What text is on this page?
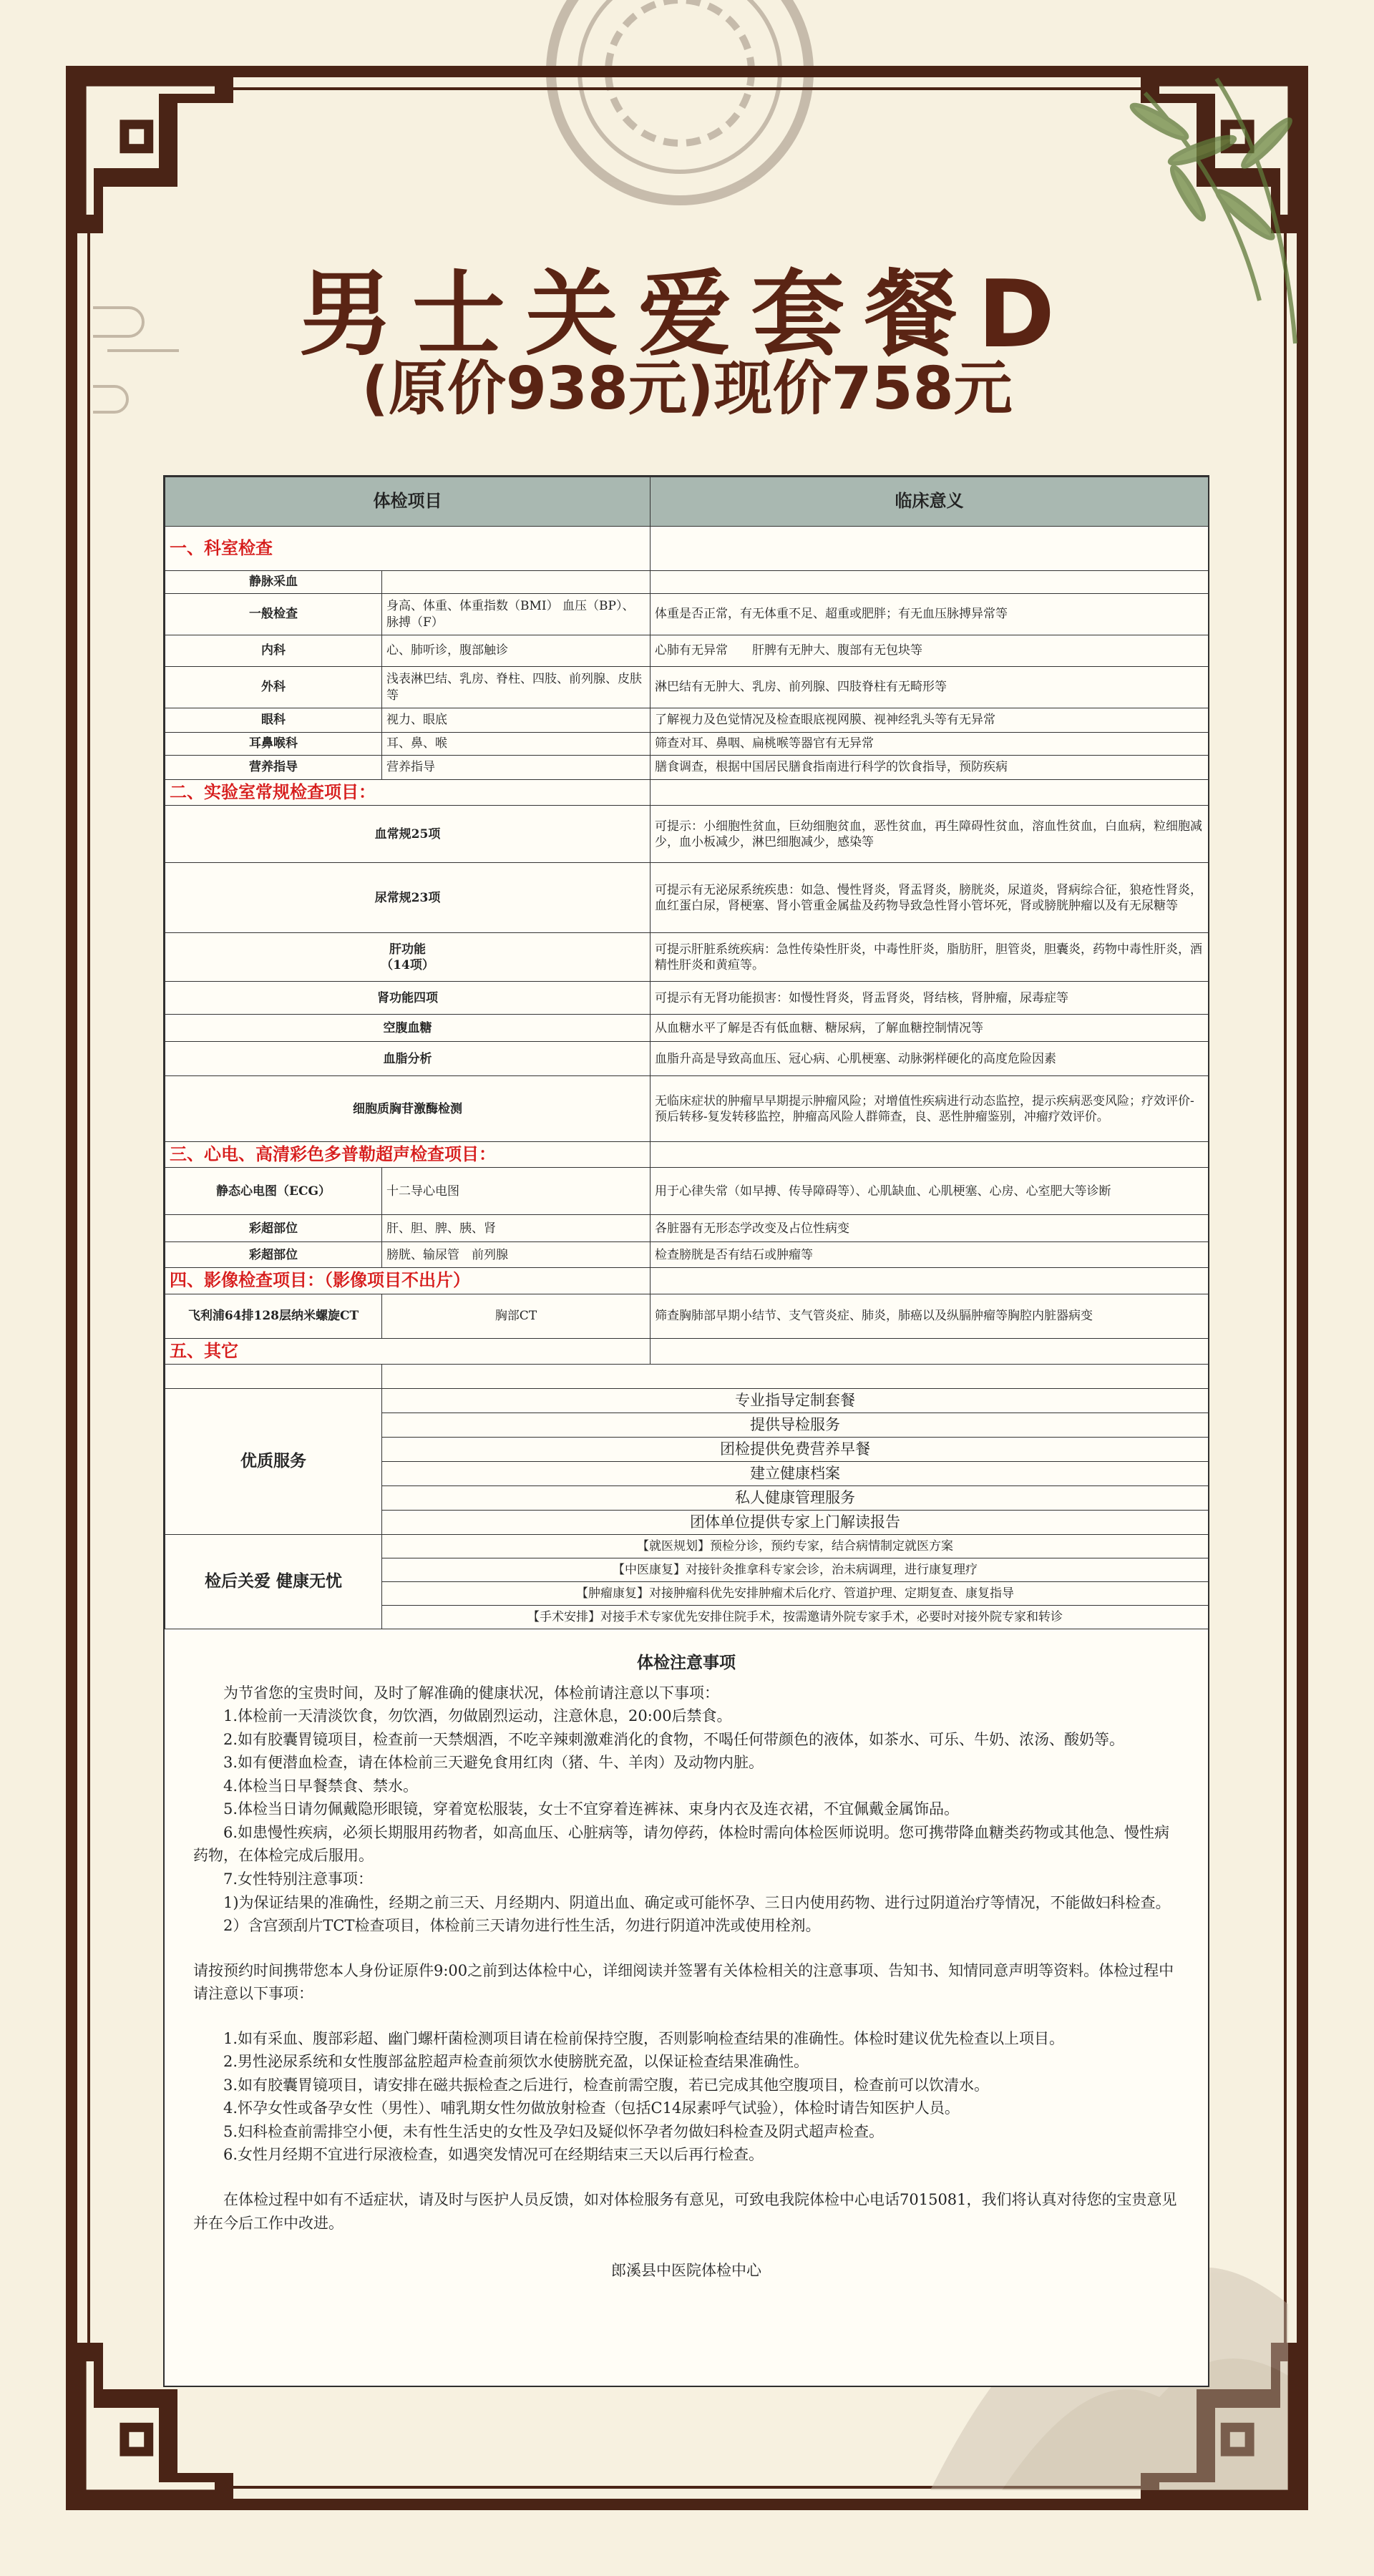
男士关爱套餐D
(原价938元)现价758元
体检项目		临床意义
一、科室检查		
静脉采血		
一般检查	身高、体重、体重指数（BMI） 血压（BP）、脉搏（F）	体重是否正常，有无体重不足、超重或肥胖；有无血压脉搏异常等
内科	心、肺听诊，腹部触诊	心肺有无异常　　肝脾有无肿大、腹部有无包块等
外科	浅表淋巴结、乳房、脊柱、四肢、前列腺、皮肤等	淋巴结有无肿大、乳房、前列腺、四肢脊柱有无畸形等
眼科	视力、眼底	了解视力及色觉情况及检查眼底视网膜、视神经乳头等有无异常
耳鼻喉科	耳、鼻、喉	筛查对耳、鼻咽、扁桃喉等器官有无异常
营养指导	营养指导	膳食调查，根据中国居民膳食指南进行科学的饮食指导，预防疾病
二、实验室常规检查项目：		
血常规25项		可提示：小细胞性贫血，巨幼细胞贫血，恶性贫血，再生障碍性贫血，溶血性贫血，白血病，粒细胞减少，血小板减少，淋巴细胞减少，感染等
尿常规23项		可提示有无泌尿系统疾患：如急、慢性肾炎，肾盂肾炎，膀胱炎，尿道炎，肾病综合征，狼疮性肾炎，血红蛋白尿，肾梗塞、肾小管重金属盐及药物导致急性肾小管坏死，肾或膀胱肿瘤以及有无尿糖等
肝功能
（14项）		可提示肝脏系统疾病：急性传染性肝炎，中毒性肝炎，脂肪肝，胆管炎，胆囊炎，药物中毒性肝炎，酒精性肝炎和黄疸等。
肾功能四项		可提示有无肾功能损害：如慢性肾炎，肾盂肾炎，肾结核，肾肿瘤，尿毒症等
空腹血糖		从血糖水平了解是否有低血糖、糖尿病，了解血糖控制情况等
血脂分析		血脂升高是导致高血压、冠心病、心肌梗塞、动脉粥样硬化的高度危险因素
细胞质胸苷激酶检测		无临床症状的肿瘤早早期提示肿瘤风险；对增值性疾病进行动态监控，提示疾病恶变风险；疗效评价-预后转移-复发转移监控，肿瘤高风险人群筛查，良、恶性肿瘤鉴别，冲瘤疗效评价。
三、心电、高清彩色多普勒超声检查项目：		
静态心电图（ECG）	十二导心电图	用于心律失常（如早搏、传导障碍等）、心肌缺血、心肌梗塞、心房、心室肥大等诊断
彩超部位	肝、胆、脾、胰、肾	各脏器有无形态学改变及占位性病变
彩超部位	膀胱、输尿管　前列腺	检查膀胱是否有结石或肿瘤等
四、影像检查项目：（影像项目不出片）		
飞利浦64排128层纳米螺旋CT	胸部CT	筛查胸肺部早期小结节、支气管炎症、肺炎，肺癌以及纵膈肿瘤等胸腔内脏器病变
五、其它		

优质服务	专业指导定制套餐	
	提供导检服务	
	团检提供免费营养早餐	
	建立健康档案	
	私人健康管理服务	
	团体单位提供专家上门解读报告	
检后关爱 健康无忧	【就医规划】预检分诊，预约专家，结合病情制定就医方案	
	【中医康复】对接针灸推拿科专家会诊，治未病调理，进行康复理疗	
	【肿瘤康复】对接肿瘤科优先安排肿瘤术后化疗、管道护理、定期复查、康复指导	
	【手术安排】对接手术专家优先安排住院手术，按需邀请外院专家手术，必要时对接外院专家和转诊	

体检注意事项

为节省您的宝贵时间，及时了解准确的健康状况，体检前请注意以下事项：

1.体检前一天清淡饮食，勿饮酒，勿做剧烈运动，注意休息，20:00后禁食。

2.如有胶囊胃镜项目，检查前一天禁烟酒，不吃辛辣刺激难消化的食物，不喝任何带颜色的液体，如茶水、可乐、牛奶、浓汤、酸奶等。

3.如有便潜血检查，请在体检前三天避免食用红肉（猪、牛、羊肉）及动物内脏。

4.体检当日早餐禁食、禁水。

5.体检当日请勿佩戴隐形眼镜，穿着宽松服装，女士不宜穿着连裤袜、束身内衣及连衣裙，不宜佩戴金属饰品。

6.如患慢性疾病，必须长期服用药物者，如高血压、心脏病等，请勿停药，体检时需向体检医师说明。您可携带降血糖类药物或其他急、慢性病药物，在体检完成后服用。

7.女性特别注意事项：

1)为保证结果的准确性，经期之前三天、月经期内、阴道出血、确定或可能怀孕、三日内使用药物、进行过阴道治疗等情况，不能做妇科检查。

2）含宫颈刮片TCT检查项目，体检前三天请勿进行性生活，勿进行阴道冲洗或使用栓剂。

请按预约时间携带您本人身份证原件9:00之前到达体检中心，详细阅读并签署有关体检相关的注意事项、告知书、知情同意声明等资料。体检过程中请注意以下事项：

1.如有采血、腹部彩超、幽门螺杆菌检测项目请在检前保持空腹，否则影响检查结果的准确性。体检时建议优先检查以上项目。

2.男性泌尿系统和女性腹部盆腔超声检查前须饮水使膀胱充盈，以保证检查结果准确性。

3.如有胶囊胃镜项目，请安排在磁共振检查之后进行，检查前需空腹，若已完成其他空腹项目，检查前可以饮清水。

4.怀孕女性或备孕女性（男性）、哺乳期女性勿做放射检查（包括C14尿素呼气试验），体检时请告知医护人员。

5.妇科检查前需排空小便，未有性生活史的女性及孕妇及疑似怀孕者勿做妇科检查及阴式超声检查。

6.女性月经期不宜进行尿液检查，如遇突发情况可在经期结束三天以后再行检查。

在体检过程中如有不适症状，请及时与医护人员反馈，如对体检服务有意见，可致电我院体检中心电话7015081，我们将认真对待您的宝贵意见并在今后工作中改进。

郎溪县中医院体检中心
